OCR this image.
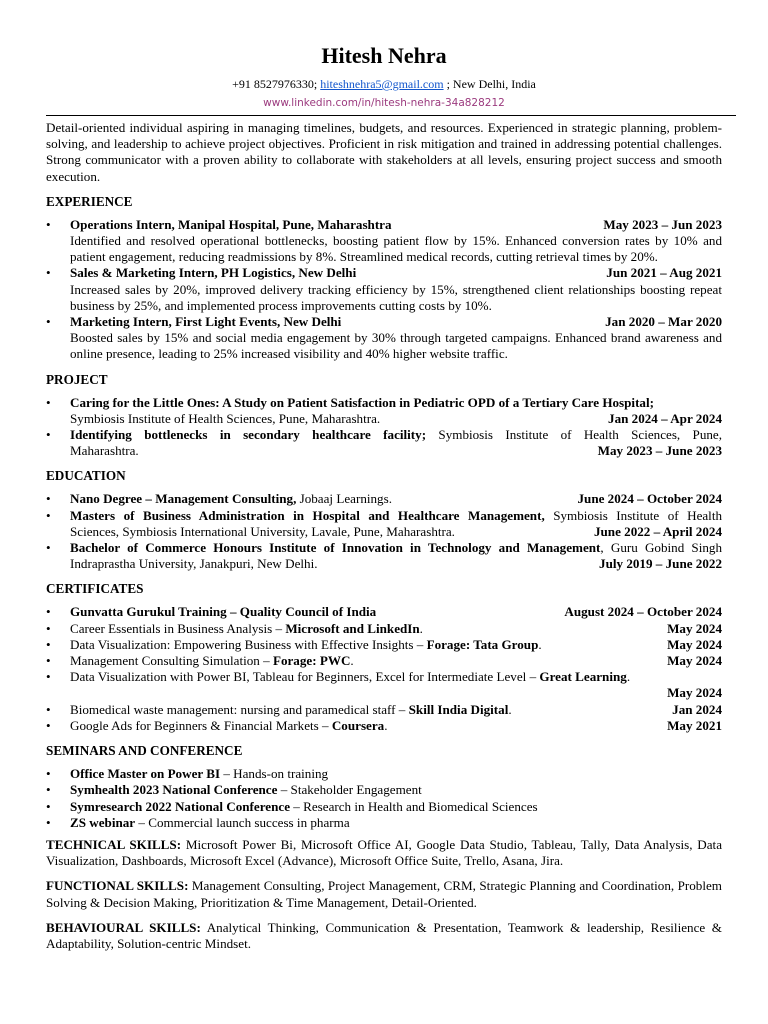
Hitesh Nehra
+91 8527976330; hiteshnehra5@gmail.com ; New Delhi, India
www.linkedin.com/in/hitesh-nehra-34a828212

Detail-oriented individual aspiring in managing timelines, budgets, and resources. Experienced in strategic planning, problem-solving, and leadership to achieve project objectives. Proficient in risk mitigation and trained in addressing potential challenges. Strong communicator with a proven ability to collaborate with stakeholders at all levels, ensuring project success and smooth execution.

EXPERIENCE
• Operations Intern, Manipal Hospital, Pune, Maharashtra	May 2023 – Jun 2023
Identified and resolved operational bottlenecks, boosting patient flow by 15%. Enhanced conversion rates by 10% and patient engagement, reducing readmissions by 8%. Streamlined medical records, cutting retrieval times by 20%.
• Sales & Marketing Intern, PH Logistics, New Delhi	Jun 2021 – Aug 2021
Increased sales by 20%, improved delivery tracking efficiency by 15%, strengthened client relationships boosting repeat business by 25%, and implemented process improvements cutting costs by 10%.
• Marketing Intern, First Light Events, New Delhi	Jan 2020 – Mar 2020
Boosted sales by 15% and social media engagement by 30% through targeted campaigns. Enhanced brand awareness and online presence, leading to 25% increased visibility and 40% higher website traffic.
PROJECT
• Caring for the Little Ones: A Study on Patient Satisfaction in Pediatric OPD of a Tertiary Care Hospital;
Symbiosis Institute of Health Sciences, Pune, Maharashtra.	Jan 2024 – Apr 2024
• Identifying bottlenecks in secondary healthcare facility; Symbiosis Institute of Health Sciences, Pune,
Maharashtra.	May 2023 – June 2023
EDUCATION
• Nano Degree – Management Consulting, Jobaaj Learnings.	June 2024 – October 2024
• Masters of Business Administration in Hospital and Healthcare Management, Symbiosis Institute of Health
Sciences, Symbiosis International University, Lavale, Pune, Maharashtra.	June 2022 – April 2024
• Bachelor of Commerce Honours Institute of Innovation in Technology and Management, Guru Gobind Singh
Indraprastha University, Janakpuri, New Delhi.	July 2019 – June 2022
CERTIFICATES
• Gunvatta Gurukul Training – Quality Council of India	August 2024 – October 2024
• Career Essentials in Business Analysis – Microsoft and LinkedIn.	May 2024
• Data Visualization: Empowering Business with Effective Insights – Forage: Tata Group.	May 2024
• Management Consulting Simulation – Forage: PWC.	May 2024
• Data Visualization with Power BI, Tableau for Beginners, Excel for Intermediate Level – Great Learning.
May 2024
• Biomedical waste management: nursing and paramedical staff – Skill India Digital.	Jan 2024
• Google Ads for Beginners & Financial Markets – Coursera.	May 2021
SEMINARS AND CONFERENCE
• Office Master on Power BI – Hands-on training
• Symhealth 2023 National Conference – Stakeholder Engagement
• Symresearch 2022 National Conference – Research in Health and Biomedical Sciences
• ZS webinar – Commercial launch success in pharma

TECHNICAL SKILLS: Microsoft Power Bi, Microsoft Office AI, Google Data Studio, Tableau, Tally, Data Analysis, Data Visualization, Dashboards, Microsoft Excel (Advance), Microsoft Office Suite, Trello, Asana, Jira.

FUNCTIONAL SKILLS: Management Consulting, Project Management, CRM, Strategic Planning and Coordination, Problem Solving & Decision Making, Prioritization & Time Management, Detail-Oriented.

BEHAVIOURAL SKILLS: Analytical Thinking, Communication & Presentation, Teamwork & leadership, Resilience & Adaptability, Solution-centric Mindset.
